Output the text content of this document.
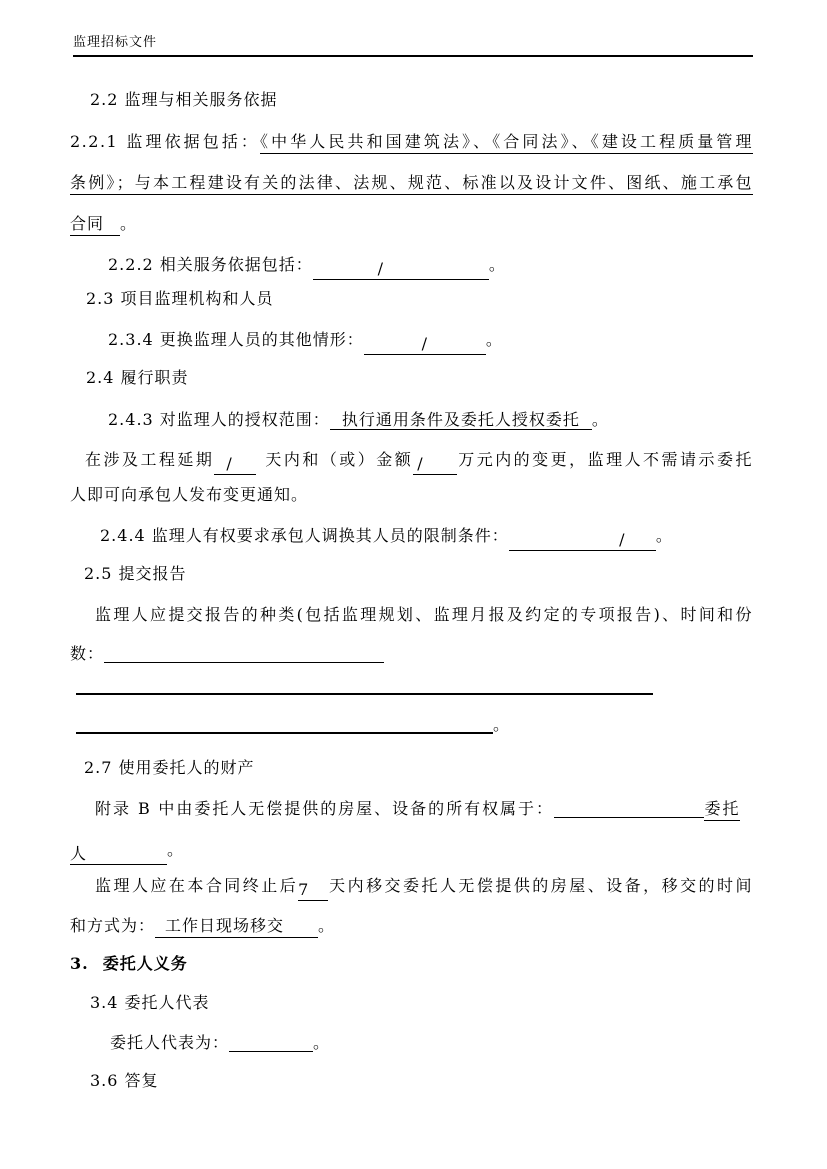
监理招标文件
2.2 监理与相关服务依据
2.2.1 监理依据包括：《中华人民共和国建筑法》、《合同法》、《建设工程质量管理
条例》；与本工程建设有关的法律、法规、规范、标准以及设计文件、图纸、施工承包
合同 。
2.2.2 相关服务依据包括：	/	。
2.3 项目监理机构和人员
2.3.4 更换监理人员的其他情形：	/	。
2.4 履行职责
2.4.3 对监理人的授权范围： 执行通用条件及委托人授权委托 。
在涉及工程延期 / 天内和（或）金额 / 万元内的变更，监理人不需请示委托
人即可向承包人发布变更通知。
2.4.4 监理人有权要求承包人调换其人员的限制条件：	/ 。
2.5 提交报告
监理人应提交报告的种类(包括监理规划、监理月报及约定的专项报告)、时间和份
数：
。
2.7 使用委托人的财产
附录 B 中由委托人无偿提供的房屋、设备的所有权属于：	委托
人	。
监理人应在本合同终止后7 天内移交委托人无偿提供的房屋、设备，移交的时间
和方式为： 工作日现场移交 。
3. 委托人义务
3.4 委托人代表
委托人代表为：	。
3.6 答复
